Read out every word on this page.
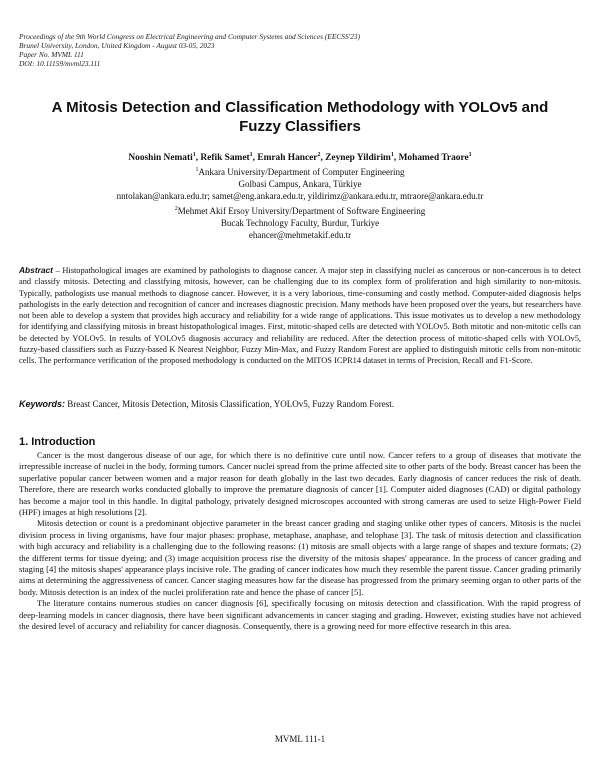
Proceedings of the 9th World Congress on Electrical Engineering and Computer Systems and Sciences (EECSS'23)
Brunel University, London, United Kingdom - August 03-05, 2023
Paper No. MVML 111
DOI: 10.11159/mvml23.111
A Mitosis Detection and Classification Methodology with YOLOv5 and Fuzzy Classifiers
Nooshin Nemati$^1$, Refik Samet$^1$, Emrah Hancer$^2$, Zeynep Yildirim$^1$, Mohamed Traore$^1$
$^1$Ankara University/Department of Computer Engineering
Golbasi Campus, Ankara, Türkiye
nntolakan@ankara.edu.tr; samet@eng.ankara.edu.tr, yildirimz@ankara.edu.tr, mtraore@ankara.edu.tr
$^2$Mehmet Akif Ersoy University/Department of Software Engineering
Bucak Technology Faculty, Burdur, Turkiye
ehancer@mehmetakif.edu.tr
Abstract – Histopathological images are examined by pathologists to diagnose cancer. A major step in classifying nuclei as cancerous or non-cancerous is to detect and classify mitosis. Detecting and classifying mitosis, however, can be challenging due to its complex form of proliferation and high similarity to non-mitosis. Typically, pathologists use manual methods to diagnose cancer. However, it is a very laborious, time-consuming and costly method. Computer-aided diagnosis helps pathologists in the early detection and recognition of cancer and increases diagnostic precision. Many methods have been proposed over the years, but researchers have not been able to develop a system that provides high accuracy and reliability for a wide range of applications. This issue motivates us to develop a new methodology for identifying and classifying mitosis in breast histopathological images. First, mitotic-shaped cells are detected with YOLOv5. Both mitotic and non-mitotic cells can be detected by YOLOv5. In results of YOLOv5 diagnosis accuracy and reliability are reduced. After the detection process of mitotic-shaped cells with YOLOv5, fuzzy-based classifiers such as Fuzzy-based K Nearest Neighbor, Fuzzy Min-Max, and Fuzzy Random Forest are applied to distinguish mitotic cells from non-mitotic cells. The performance verification of the proposed methodology is conducted on the MITOS ICPR14 dataset in terms of Precision, Recall and F1-Score.
Keywords: Breast Cancer, Mitosis Detection, Mitosis Classification, YOLOv5, Fuzzy Random Forest.
1. Introduction

Cancer is the most dangerous disease of our age, for which there is no definitive cure until now. Cancer refers to a group of diseases that motivate the irrepressible increase of nuclei in the body, forming tumors. Cancer nuclei spread from the prime affected site to other parts of the body. Breast cancer has been the superlative popular cancer between women and a major reason for death globally in the last two decades. Early diagnosis of cancer reduces the risk of death. Therefore, there are research works conducted globally to improve the premature diagnosis of cancer [1]. Computer aided diagnoses (CAD) or digital pathology has become a major tool in this handle. In digital pathology, privately designed microscopes accounted with strong cameras are used to seize High-Power Field (HPF) images at high resolutions [2].

Mitosis detection or count is a predominant objective parameter in the breast cancer grading and staging unlike other types of cancers. Mitosis is the nuclei division process in living organisms, have four major phases: prophase, metaphase, anaphase, and telophase [3]. The task of mitosis detection and classification with high accuracy and reliability is a challenging due to the following reasons: (1) mitosis are small objects with a large range of shapes and texture formats; (2) the different terms for tissue dyeing; and (3) image acquisition process rise the diversity of the mitosis shapes' appearance. In the process of cancer grading and staging [4] the mitosis shapes' appearance plays incisive role. The grading of cancer indicates how much they resemble the parent tissue. Cancer grading primarily aims at determining the aggressiveness of cancer. Cancer staging measures how far the disease has progressed from the primary seeming organ to other parts of the body. Mitosis detection is an index of the nuclei proliferation rate and hence the phase of cancer [5].

The literature contains numerous studies on cancer diagnosis [6], specifically focusing on mitosis detection and classification. With the rapid progress of deep-learning models in cancer diagnosis, there have been significant advancements in cancer staging and grading. However, existing studies have not achieved the desired level of accuracy and reliability for cancer diagnosis. Consequently, there is a growing need for more effective research in this area.

MVML 111-1
